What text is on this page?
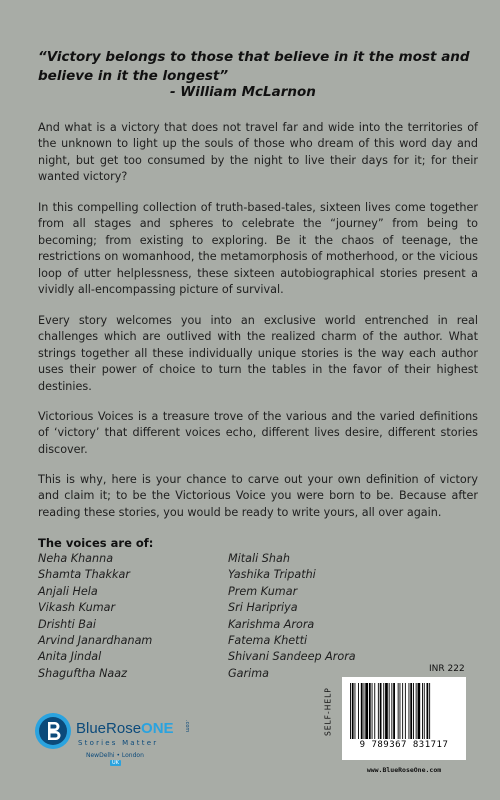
“Victory belongs to those that believe in it the most and believe in it the longest”
- William McLarnon
And what is a victory that does not travel far and wide into the territories of the unknown to light up the souls of those who dream of this word day and night, but get too consumed by the night to live their days for it; for their wanted victory?
In this compelling collection of truth-based-tales, sixteen lives come together from all stages and spheres to celebrate the “journey” from being to becoming; from existing to exploring. Be it the chaos of teenage, the restrictions on womanhood, the metamorphosis of motherhood, or the vicious loop of utter helplessness, these sixteen autobiographical stories present a vividly all-encompassing picture of survival.
Every story welcomes you into an exclusive world entrenched in real challenges which are outlived with the realized charm of the author. What strings together all these individually unique stories is the way each author uses their power of choice to turn the tables in the favor of their highest destinies.
Victorious Voices is a treasure trove of the various and the varied definitions of ‘victory’ that different voices echo, different lives desire, different stories discover.
This is why, here is your chance to carve out your own definition of victory and claim it; to be the Victorious Voice you were born to be. Because after reading these stories, you would be ready to write yours, all over again.
The voices are of:
Neha Khanna
Shamta Thakkar
Anjali Hela
Vikash Kumar
Drishti Bai
Arvind Janardhanam
Anita Jindal
Shaguftha Naaz
Mitali Shah
Yashika Tripathi
Prem Kumar
Sri Haripriya
Karishma Arora
Fatema Khetti
Shivani Sandeep Arora
Garima
BlueRoseONE .com
Stories Matter
NewDelhi • London
UK
INR 222
SELF-HELP
9 789367 831717
www.BlueRoseOne.com
